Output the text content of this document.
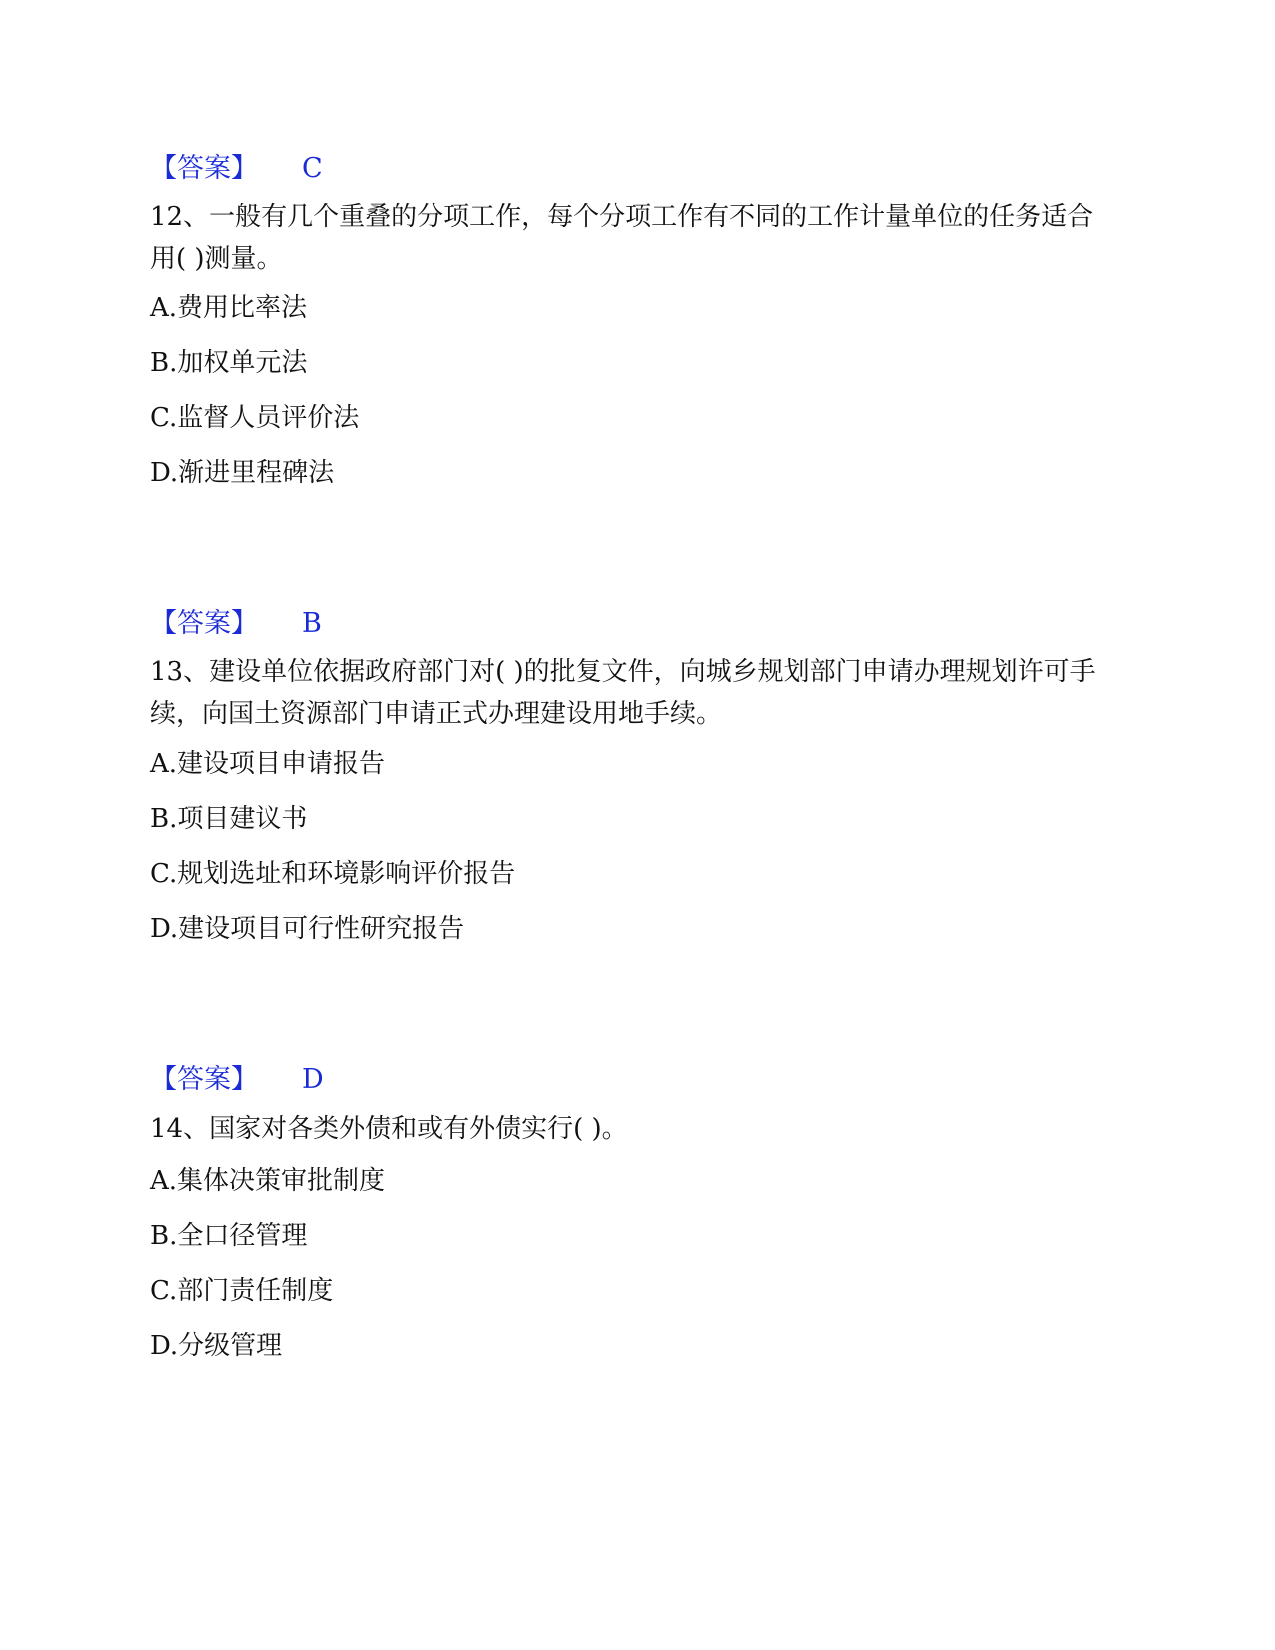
【答案】 C
12、一般有几个重叠的分项工作，每个分项工作有不同的工作计量单位的任务适合用( )测量。
A.费用比率法
B.加权单元法
C.监督人员评价法
D.渐进里程碑法
【答案】 B
13、建设单位依据政府部门对( )的批复文件，向城乡规划部门申请办理规划许可手续，向国土资源部门申请正式办理建设用地手续。
A.建设项目申请报告
B.项目建议书
C.规划选址和环境影响评价报告
D.建设项目可行性研究报告
【答案】 D
14、国家对各类外债和或有外债实行( )。
A.集体决策审批制度
B.全口径管理
C.部门责任制度
D.分级管理
